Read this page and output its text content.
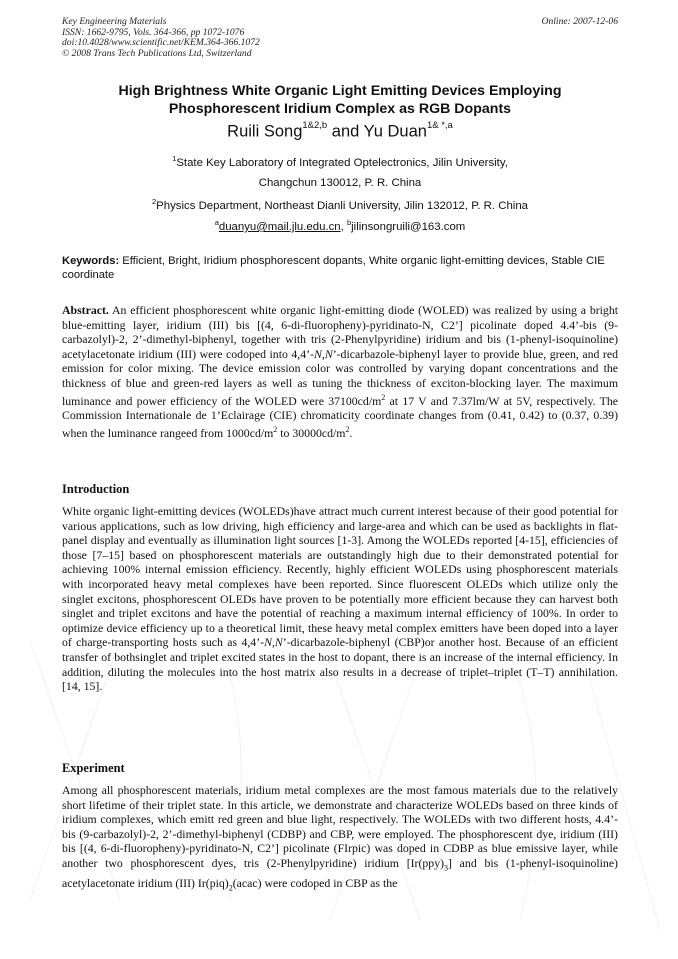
Key Engineering Materials
ISSN: 1662-9795, Vols. 364-366, pp 1072-1076
doi:10.4028/www.scientific.net/KEM.364-366.1072
© 2008 Trans Tech Publications Ltd, Switzerland
Online: 2007-12-06
High Brightness White Organic Light Emitting Devices Employing
Phosphorescent Iridium Complex as RGB Dopants
Ruili Song$^{1\&2,b}$ and Yu Duan$^{1\& *,a}$
$^1$State Key Laboratory of Integrated Optelectronics, Jilin University,
Changchun 130012, P. R. China
$^2$Physics Department, Northeast Dianli University, Jilin 132012, P. R. China
$^a$duanyu@mail.jlu.edu.cn, $^b$jilinsongruili@163.com
Keywords: Efficient, Bright, Iridium phosphorescent dopants, White organic light-emitting devices, Stable CIE coordinate
Abstract. An efficient phosphorescent white organic light-emitting diode (WOLED) was realized by using a bright blue-emitting layer, iridium (III) bis [(4, 6-di-fluoropheny)-pyridinato-N, C2’] picolinate doped 4.4’-bis (9-carbazolyl)-2, 2’-dimethyl-biphenyl, together with tris (2-Phenylpyridine) iridium and bis (1-phenyl-isoquinoline) acetylacetonate iridium (III) were codoped into 4,4’-N,N’-dicarbazole-biphenyl layer to provide blue, green, and red emission for color mixing. The device emission color was controlled by varying dopant concentrations and the thickness of blue and green-red layers as well as tuning the thickness of exciton-blocking layer. The maximum luminance and power efficiency of the WOLED were $37100cd/m^2$ at 17 V and 7.37lm/W at 5V, respectively. The Commission Internationale de 1’Eclairage (CIE) chromaticity coordinate changes from (0.41, 0.42) to (0.37, 0.39) when the luminance rangeed from $1000cd/m^2$ to $30000cd/m^2$.
Introduction
White organic light-emitting devices (WOLEDs)have attract much current interest because of their good potential for various applications, such as low driving, high efficiency and large-area and which can be used as backlights in flat-panel display and eventually as illumination light sources [1-3]. Among the WOLEDs reported [4-15], efficiencies of those [7–15] based on phosphorescent materials are outstandingly high due to their demonstrated potential for achieving 100% internal emission efficiency. Recently, highly efficient WOLEDs using phosphorescent materials with incorporated heavy metal complexes have been reported. Since fluorescent OLEDs which utilize only the singlet excitons, phosphorescent OLEDs have proven to be potentially more efficient because they can harvest both singlet and triplet excitons and have the potential of reaching a maximum internal efficiency of 100%. In order to optimize device efficiency up to a theoretical limit, these heavy metal complex emitters have been doped into a layer of charge-transporting hosts such as 4,4’-N,N’-dicarbazole-biphenyl (CBP)or another host. Because of an efficient transfer of bothsinglet and triplet excited states in the host to dopant, there is an increase of the internal efficiency. In addition, diluting the molecules into the host matrix also results in a decrease of triplet–triplet (T–T) annihilation. [14, 15].
Experiment
Among all phosphorescent materials, iridium metal complexes are the most famous materials due to the relatively short lifetime of their triplet state. In this article, we demonstrate and characterize WOLEDs based on three kinds of iridium complexes, which emitt red green and blue light, respectively. The WOLEDs with two different hosts, 4.4’-bis (9-carbazolyl)-2, 2’-dimethyl-biphenyl (CDBP) and CBP, were employed. The phosphorescent dye, iridium (III) bis [(4, 6-di-fluoropheny)-pyridinato-N, C2’] picolinate (FIrpic) was doped in CDBP as blue emissive layer, while another two phosphorescent dyes, tris (2-Phenylpyridine) iridium $[Ir(ppy)_3]$ and bis (1-phenyl-isoquinoline) acetylacetonate iridium (III) $Ir(piq)_2(acac)$ were codoped in CBP as the
